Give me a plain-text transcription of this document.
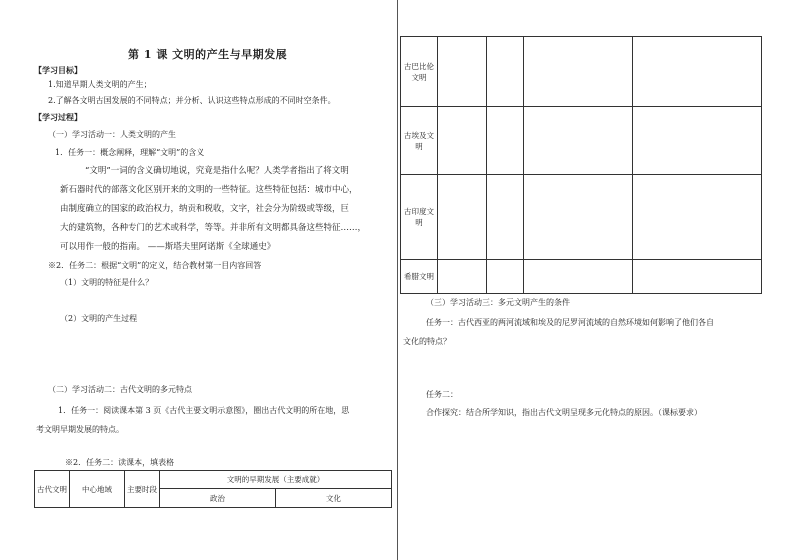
第 1 课 文明的产生与早期发展
【学习目标】
1.知道早期人类文明的产生；
2.了解各文明古国发展的不同特点；并分析、认识这些特点形成的不同时空条件。
【学习过程】
（一）学习活动一：人类文明的产生
1．任务一：概念阐释，理解“文明”的含义
“文明”一词的含义确切地说，究竟是指什么呢？人类学者指出了将文明
新石器时代的部落文化区别开来的文明的一些特征。这些特征包括：城市中心，
由制度确立的国家的政治权力，纳贡和税收，文字，社会分为阶级或等级，巨
大的建筑物，各种专门的艺术或科学，等等。并非所有文明都具备这些特征……，
可以用作一般的指南。 ——斯塔夫里阿诺斯《全球通史》
※2．任务二：根据“文明”的定义，结合教材第一目内容回答
（1）文明的特征是什么？
（2）文明的产生过程
（二）学习活动二：古代文明的多元特点
1．任务一：阅读课本第 3 页《古代主要文明示意图》，圈出古代文明的所在地，思
考文明早期发展的特点。
※2．任务二：读课本，填表格
古代文明	中心地域	主要时段	文明的早期发展（主要成就）	
			政治	文化
古巴比伦文明				
古埃及文明				
古印度文明				
希腊文明				
（三）学习活动三：多元文明产生的条件
任务一：古代西亚的两河流域和埃及的尼罗河流域的自然环境如何影响了他们各自
文化的特点？
任务二：
合作探究：结合所学知识，指出古代文明呈现多元化特点的原因。（课标要求）
